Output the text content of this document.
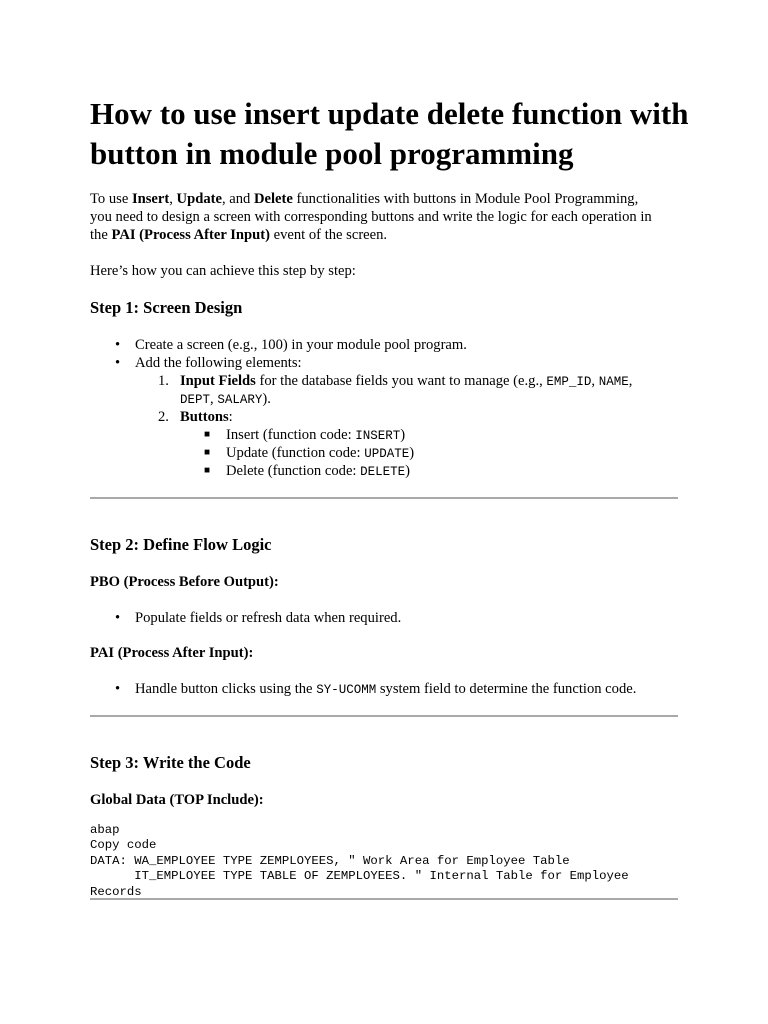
How to use insert update delete function with button in module pool programming

To use Insert, Update, and Delete functionalities with buttons in Module Pool Programming,
you need to design a screen with corresponding buttons and write the logic for each operation in
the PAI (Process After Input) event of the screen.

Here’s how you can achieve this step by step:

Step 1: Screen Design
• Create a screen (e.g., 100) in your module pool program.
• Add the following elements:
1. Input Fields for the database fields you want to manage (e.g., EMP_ID, NAME,
DEPT, SALARY).
2. Buttons:
■ Insert (function code: INSERT)
■ Update (function code: UPDATE)
■ Delete (function code: DELETE)
Step 2: Define Flow Logic
PBO (Process Before Output):
• Populate fields or refresh data when required.
PAI (Process After Input):
• Handle button clicks using the SY-UCOMM system field to determine the function code.
Step 3: Write the Code
Global Data (TOP Include):
abap
Copy code
DATA: WA_EMPLOYEE TYPE ZEMPLOYEES, " Work Area for Employee Table
IT_EMPLOYEE TYPE TABLE OF ZEMPLOYEES. " Internal Table for Employee
Records
